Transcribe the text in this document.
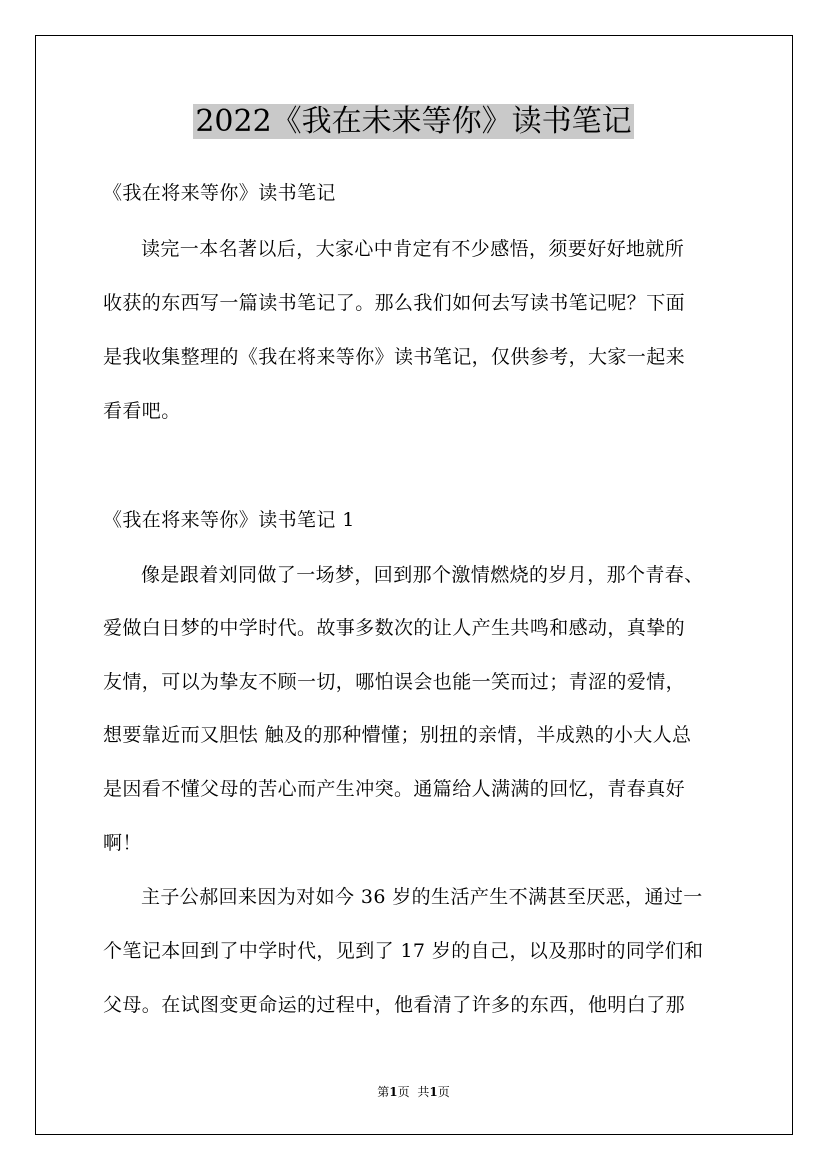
2022《我在未来等你》读书笔记

《我在将来等你》读书笔记

读完一本名著以后，大家心中肯定有不少感悟，须要好好地就所

收获的东西写一篇读书笔记了。那么我们如何去写读书笔记呢？下面

是我收集整理的《我在将来等你》读书笔记，仅供参考，大家一起来

看看吧。

《我在将来等你》读书笔记 1

像是跟着刘同做了一场梦，回到那个激情燃烧的岁月，那个青春、

爱做白日梦的中学时代。故事多数次的让人产生共鸣和感动，真挚的

友情，可以为挚友不顾一切，哪怕误会也能一笑而过；青涩的爱情，

想要靠近而又胆怯 触及的那种懵懂；别扭的亲情，半成熟的小大人总

是因看不懂父母的苦心而产生冲突。通篇给人满满的回忆，青春真好

啊！

主子公郝回来因为对如今 36 岁的生活产生不满甚至厌恶，通过一

个笔记本回到了中学时代，见到了 17 岁的自己，以及那时的同学们和

父母。在试图变更命运的过程中，他看清了许多的东西，他明白了那

第1页 共1页
